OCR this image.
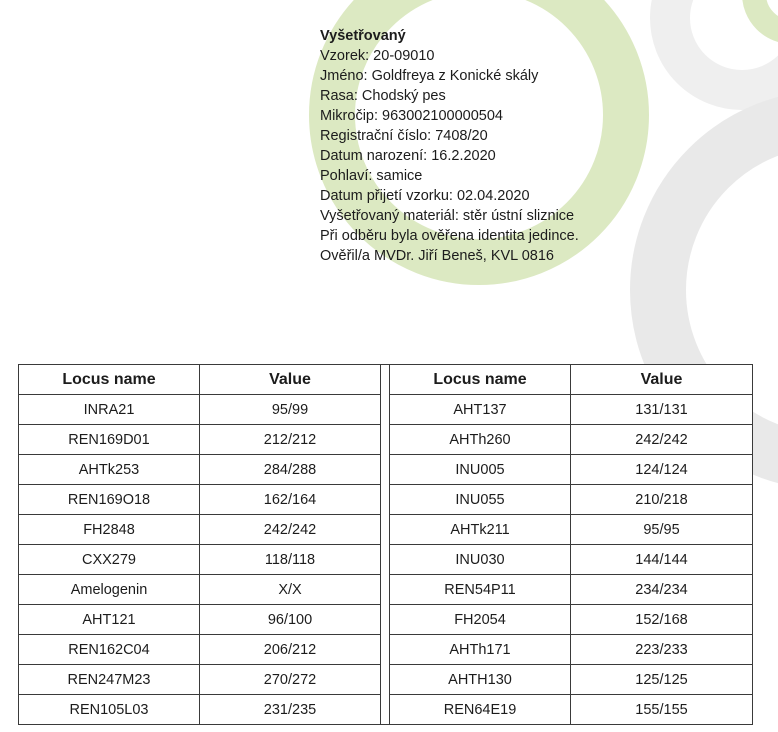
Vyšetřovaný
Vzorek: 20-09010
Jméno: Goldfreya z Konické skály
Rasa: Chodský pes
Mikročip: 963002100000504
Registrační číslo: 7408/20
Datum narození: 16.2.2020
Pohlaví: samice
Datum přijetí vzorku: 02.04.2020
Vyšetřovaný materiál: stěr ústní sliznice
Při odběru byla ověřena identita jedince.
Ověřil/a MVDr. Jiří Beneš, KVL 0816
Locus name	Value		Locus name	Value
INRA21	95/99		AHT137	131/131
REN169D01	212/212		AHTh260	242/242
AHTk253	284/288		INU005	124/124
REN169O18	162/164		INU055	210/218
FH2848	242/242		AHTk211	95/95
CXX279	118/118		INU030	144/144
Amelogenin	X/X		REN54P11	234/234
AHT121	96/100		FH2054	152/168
REN162C04	206/212		AHTh171	223/233
REN247M23	270/272		AHTH130	125/125
REN105L03	231/235		REN64E19	155/155
